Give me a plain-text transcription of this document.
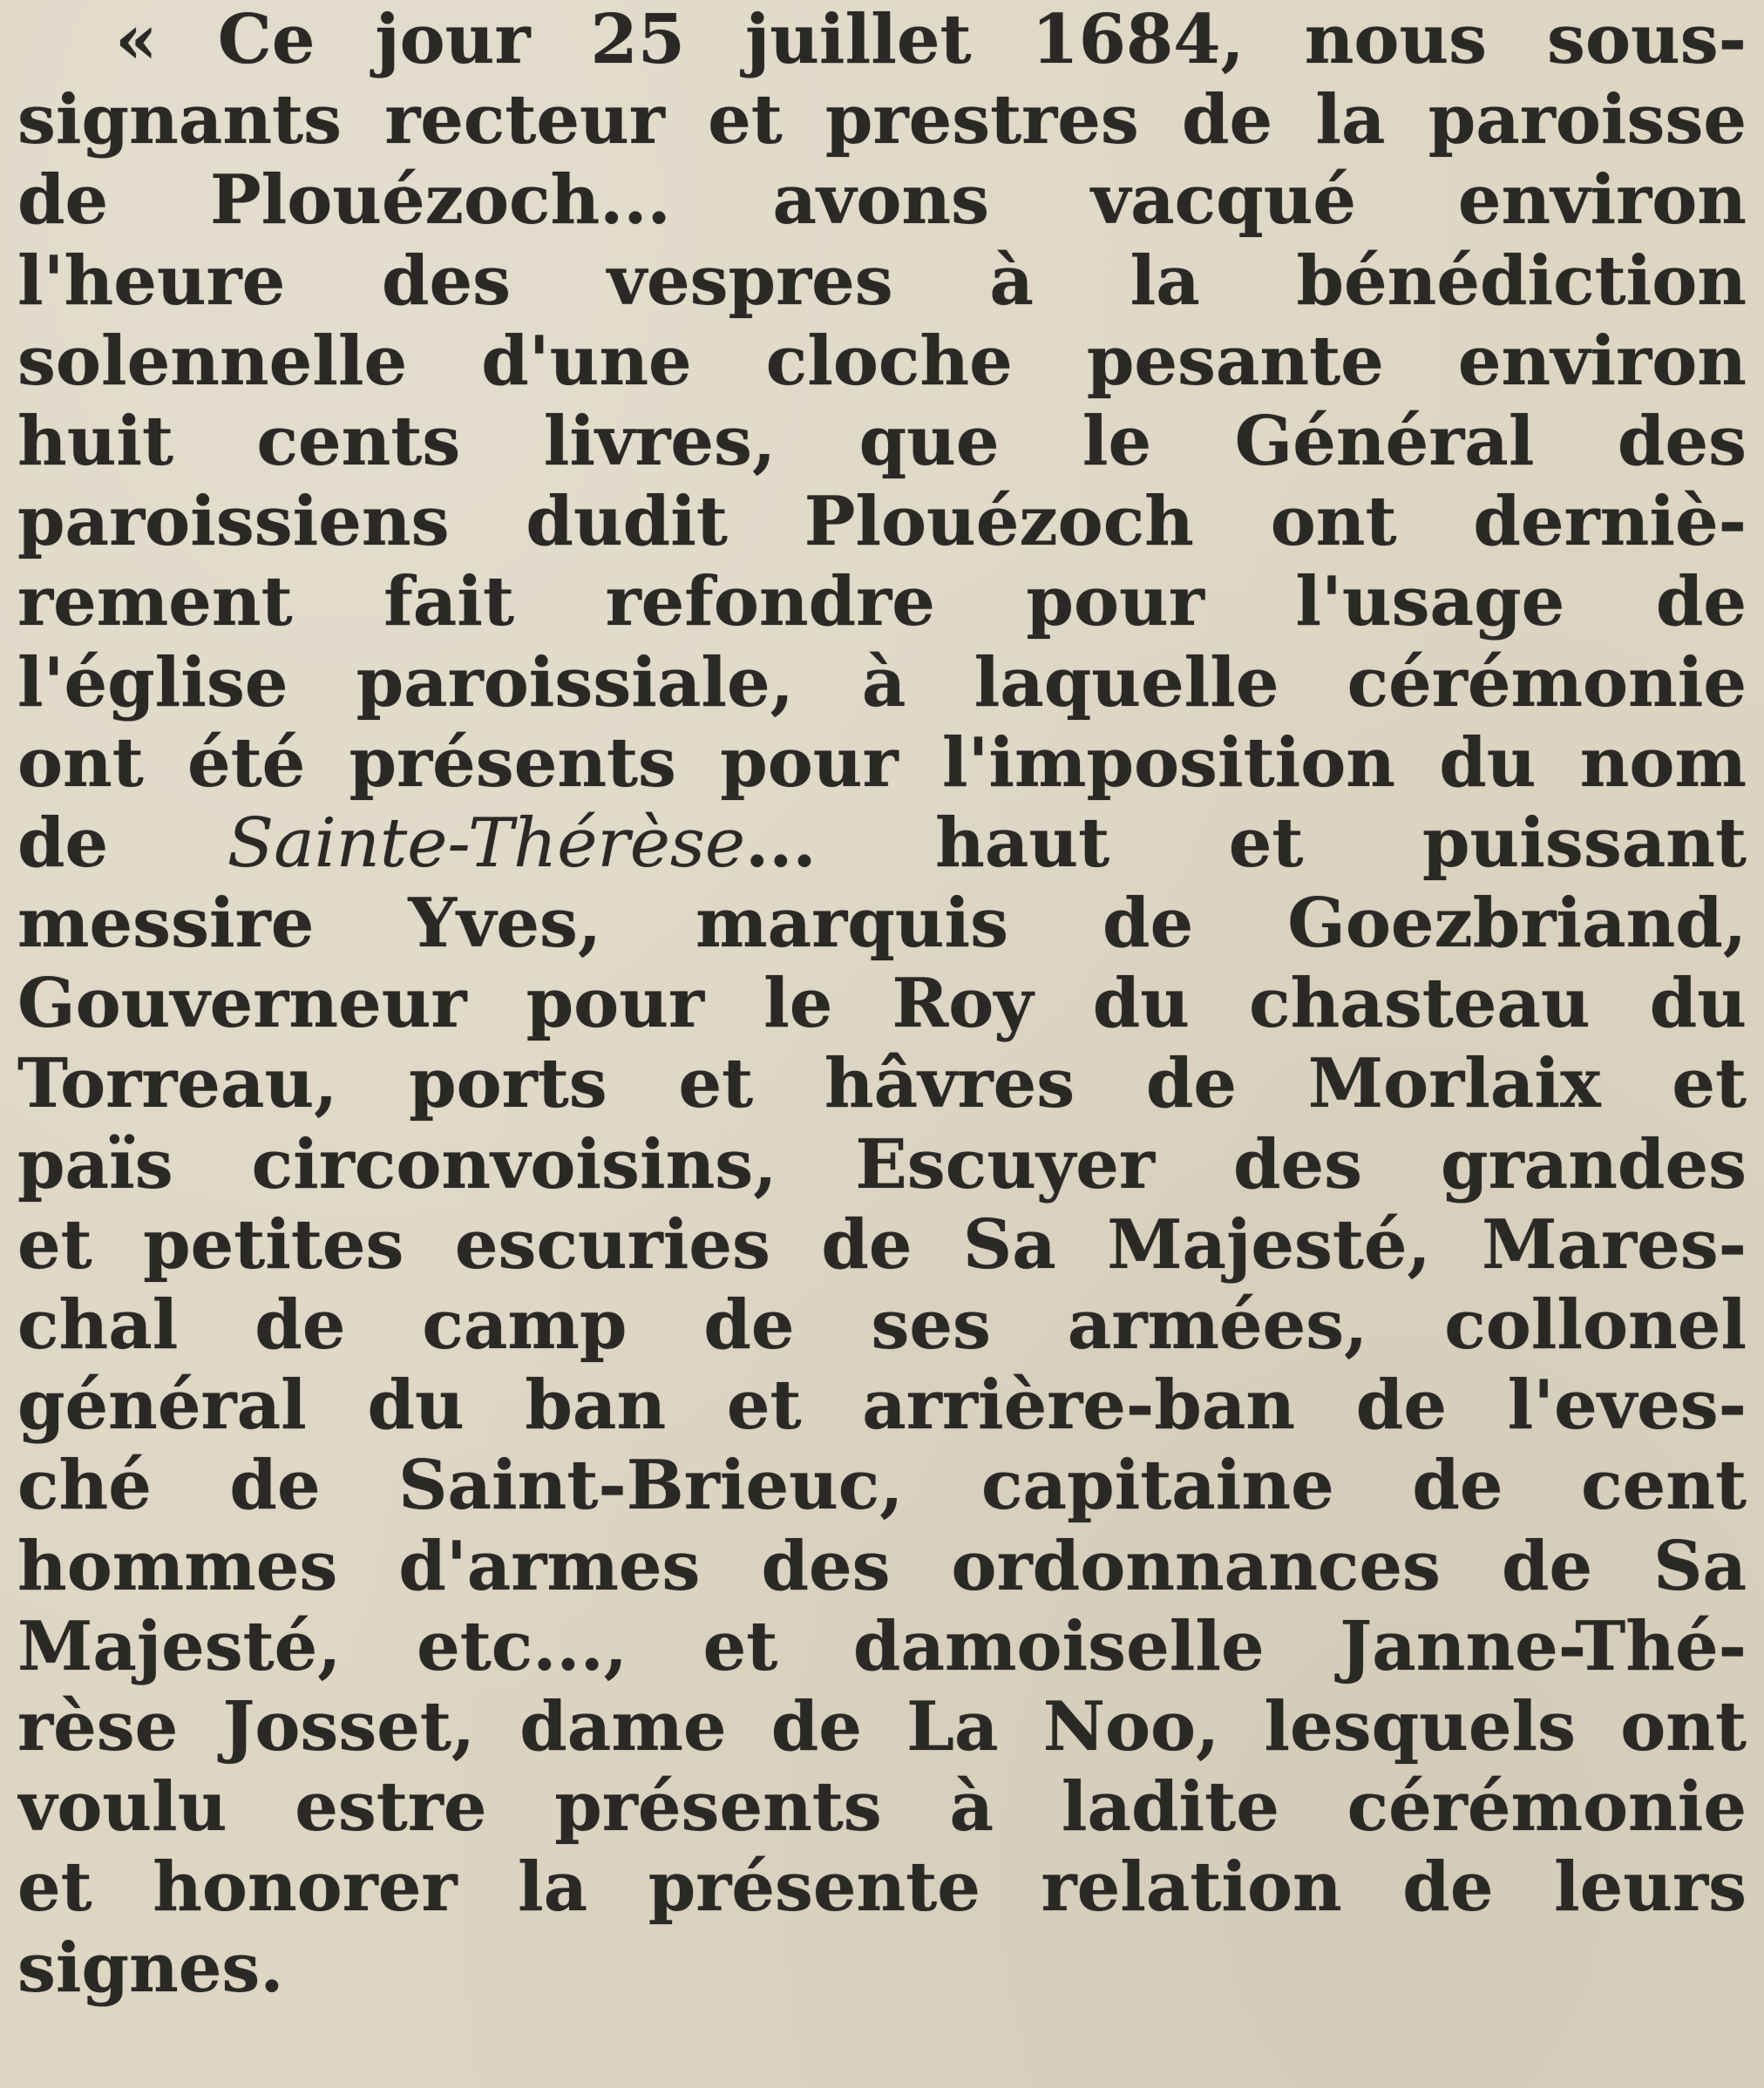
« Ce jour 25 juillet 1684, nous sous-
signants recteur et prestres de la paroisse
de Plouézoch... avons vacqué environ
l'heure des vespres à la bénédiction
solennelle d'une cloche pesante environ
huit cents livres, que le Général des
paroissiens dudit Plouézoch ont derniè-
rement fait refondre pour l'usage de
l'église paroissiale, à laquelle cérémonie
ont été présents pour l'imposition du nom
de Sainte-Thérèse... haut et puissant
messire Yves, marquis de Goezbriand,
Gouverneur pour le Roy du chasteau du
Torreau, ports et hâvres de Morlaix et
païs circonvoisins, Escuyer des grandes
et petites escuries de Sa Majesté, Mares-
chal de camp de ses armées, collonel
général du ban et arrière-ban de l'eves-
ché de Saint-Brieuc, capitaine de cent
hommes d'armes des ordonnances de Sa
Majesté, etc..., et damoiselle Janne-Thé-
rèse Josset, dame de La Noo, lesquels ont
voulu estre présents à ladite cérémonie
et honorer la présente relation de leurs
signes.
